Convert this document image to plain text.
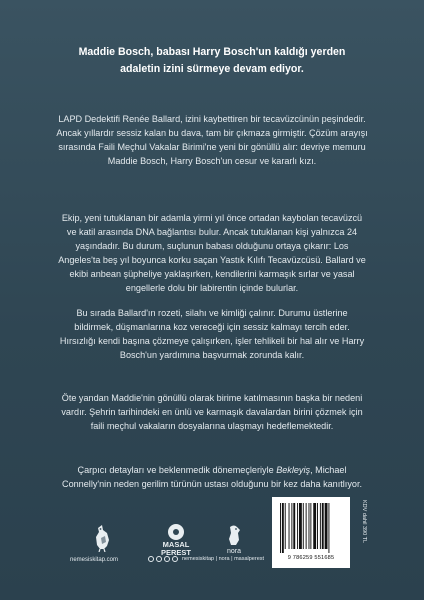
Maddie Bosch, babası Harry Bosch'un kaldığı yerden adaletin izini sürmeye devam ediyor.
LAPD Dedektifi Renée Ballard, izini kaybettiren bir tecavüzcünün peşindedir. Ancak yıllardır sessiz kalan bu dava, tam bir çıkmaza girmiştir. Çözüm arayışı sırasında Faili Meçhul Vakalar Birimi'ne yeni bir gönüllü alır: devriye memuru Maddie Bosch, Harry Bosch'un cesur ve kararlı kızı.
Ekip, yeni tutuklanan bir adamla yirmi yıl önce ortadan kaybolan tecavüzcü ve katil arasında DNA bağlantısı bulur. Ancak tutuklanan kişi yalnızca 24 yaşındadır. Bu durum, suçlunun babası olduğunu ortaya çıkarır: Los Angeles'ta beş yıl boyunca korku saçan Yastık Kılıfı Tecavüzcüsü. Ballard ve ekibi anbean şüpheliye yaklaşırken, kendilerini karmaşık sırlar ve yasal engellerle dolu bir labirentin içinde bulurlar.
Bu sırada Ballard'ın rozeti, silahı ve kimliği çalınır. Durumu üstlerine bildirmek, düşmanlarına koz vereceği için sessiz kalmayı tercih eder. Hırsızlığı kendi başına çözmeye çalışırken, işler tehlikeli bir hal alır ve Harry Bosch'un yardımına başvurmak zorunda kalır.
Öte yandan Maddie'nin gönüllü olarak birime katılmasının başka bir nedeni vardır. Şehrin tarihindeki en ünlü ve karmaşık davalardan birini çözmek için faili meçhul vakaların dosyalarına ulaşmayı hedeflemektedir.
Çarpıcı detayları ve beklenmedik dönemeçleriyle Bekleyiş, Michael Connelly'nin neden gerilim türünün ustası olduğunu bir kez daha kanıtlıyor.
MASAL
PEREST	nora
nemesiskitap.com	nemesiskitap | nora | masalperest	9 786259 551685
KDV dahil 390 TL
